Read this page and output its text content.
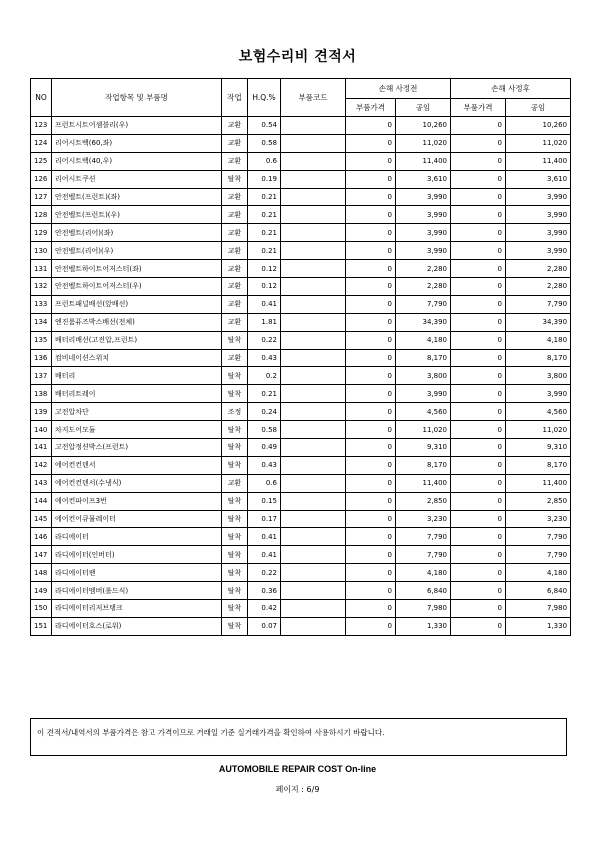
보험수리비 견적서
NO	작업항목 및 부품명	작업	H.Q.%	부품코드	손해 사정전		손해 사정후	
					부품가격	공임	부품가격	공임
123	프런트시트어셈블리(우)	교환	0.54		0	10,260	0	10,260
124	리어시트백(60,좌)	교환	0.58		0	11,020	0	11,020
125	리어시트백(40,우)	교환	0.6		0	11,400	0	11,400
126	리어시트쿠션	탈착	0.19		0	3,610	0	3,610
127	안전벨트(프런트)(좌)	교환	0.21		0	3,990	0	3,990
128	안전벨트(프런트)(우)	교환	0.21		0	3,990	0	3,990
129	안전벨트(리어)(좌)	교환	0.21		0	3,990	0	3,990
130	안전벨트(리어)(우)	교환	0.21		0	3,990	0	3,990
131	안전벨트하이트어저스터(좌)	교환	0.12		0	2,280	0	2,280
132	안전벨트하이트어저스터(우)	교환	0.12		0	2,280	0	2,280
133	프런트패널배선(앞배선)	교환	0.41		0	7,790	0	7,790
134	엔진룸퓨즈박스배선(전체)	교환	1.81		0	34,390	0	34,390
135	배터리배선(고전압,프런트)	탈착	0.22		0	4,180	0	4,180
136	컴비네이션스위치	교환	0.43		0	8,170	0	8,170
137	배터리	탈착	0.2		0	3,800	0	3,800
138	배터리트레이	탈착	0.21		0	3,990	0	3,990
139	고전압차단	조정	0.24		0	4,560	0	4,560
140	차지도어모듈	탈착	0.58		0	11,020	0	11,020
141	고전압정션박스(프런트)	탈착	0.49		0	9,310	0	9,310
142	에어컨컨덴서	탈착	0.43		0	8,170	0	8,170
143	에어컨컨덴서(수냉식)	교환	0.6		0	11,400	0	11,400
144	에어컨파이프3번	탈착	0.15		0	2,850	0	2,850
145	에어컨어큐뮬레이터	탈착	0.17		0	3,230	0	3,230
146	라디에이터	탈착	0.41		0	7,790	0	7,790
147	라디에이터(인버터)	탈착	0.41		0	7,790	0	7,790
148	라디에이터팬	탈착	0.22		0	4,180	0	4,180
149	라디에이터멤버(롤드식)	탈착	0.36		0	6,840	0	6,840
150	라디에이터리저브탱크	탈착	0.42		0	7,980	0	7,980
151	라디에이터호스(로워)	탈착	0.07		0	1,330	0	1,330
이 견적서/내역서의 부품가격은 참고 가격이므로 거래일 기준 실거래가격을 확인하여 사용하시기 바랍니다.
AUTOMOBILE REPAIR COST On-line
페이지 : 6/9
